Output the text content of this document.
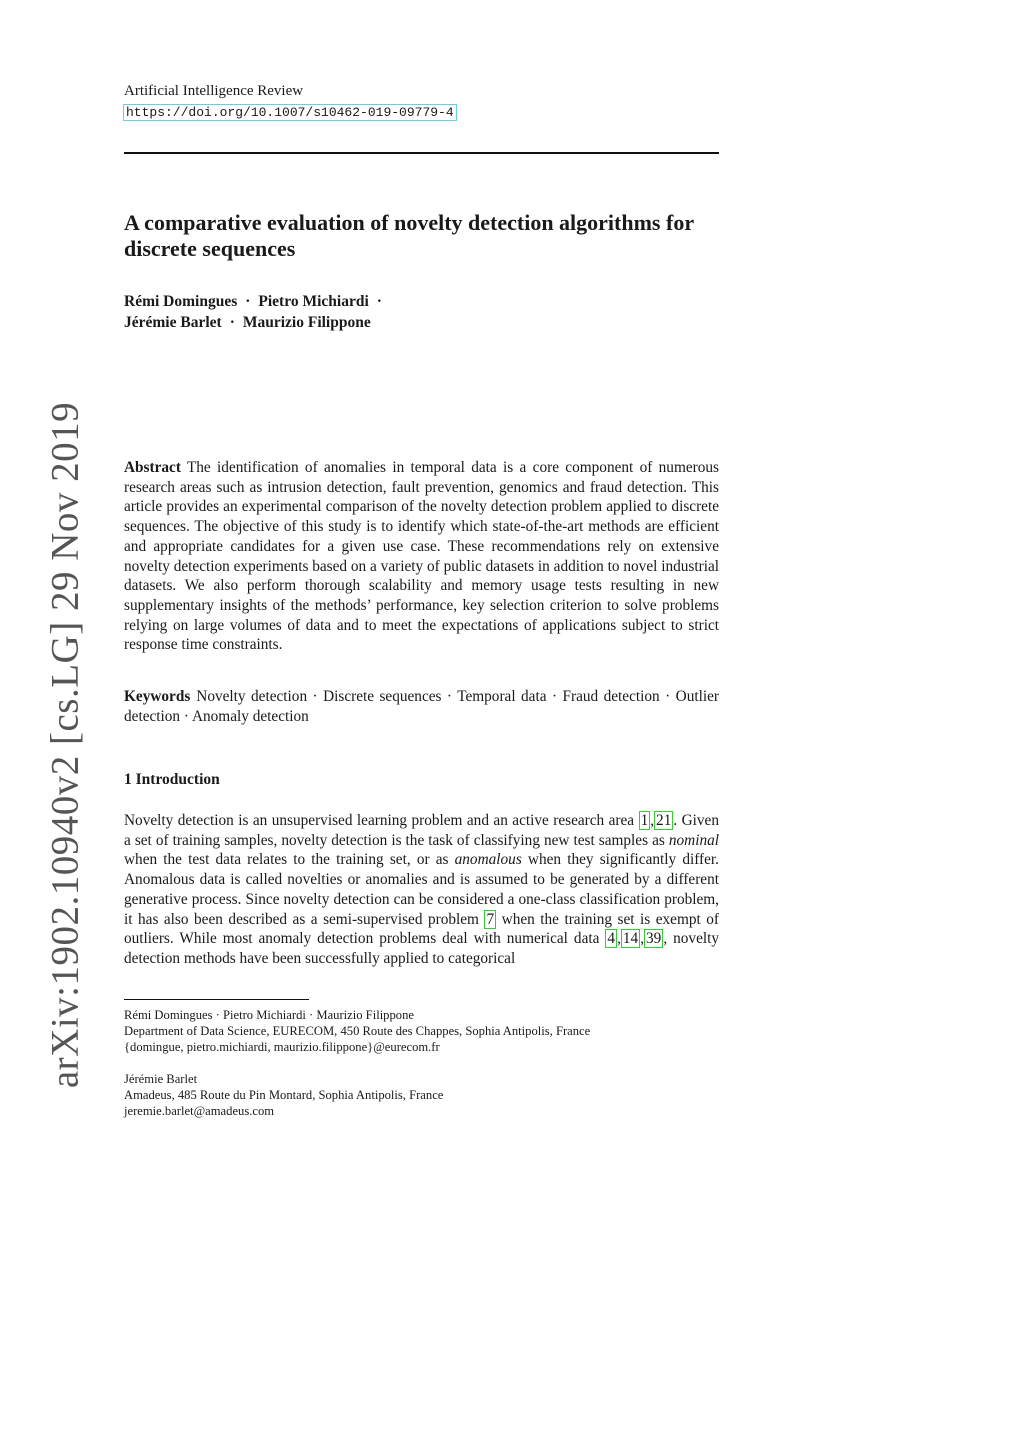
arXiv:1902.10940v2 [cs.LG] 29 Nov 2019
Artificial Intelligence Review
https://doi.org/10.1007/s10462-019-09779-4
A comparative evaluation of novelty detection algorithms for discrete sequences
Rémi Domingues · Pietro Michiardi ·
Jérémie Barlet · Maurizio Filippone
Abstract The identification of anomalies in temporal data is a core component of numerous research areas such as intrusion detection, fault prevention, genomics and fraud detection. This article provides an experimental comparison of the novelty detection problem applied to discrete sequences. The objective of this study is to identify which state-of-the-art methods are efficient and appropriate candidates for a given use case. These recommendations rely on extensive novelty detection experiments based on a variety of public datasets in addition to novel industrial datasets. We also perform thorough scalability and memory usage tests resulting in new supplementary insights of the methods’ performance, key selection criterion to solve problems relying on large volumes of data and to meet the expectations of applications subject to strict response time constraints.
Keywords Novelty detection · Discrete sequences · Temporal data · Fraud detection · Outlier detection · Anomaly detection
1 Introduction
Novelty detection is an unsupervised learning problem and an active research area 1 , 21 . Given a set of training samples, novelty detection is the task of classifying new test samples as nominal when the test data relates to the training set, or as anomalous when they significantly differ. Anomalous data is called novelties or anomalies and is assumed to be generated by a different generative process. Since novelty detection can be considered a one-class classification problem, it has also been described as a semi-supervised problem 7 when the training set is exempt of outliers. While most anomaly detection problems deal with numerical data 4 , 14 , 39 , novelty detection methods have been successfully applied to categorical
Rémi Domingues · Pietro Michiardi · Maurizio Filippone
Department of Data Science, EURECOM, 450 Route des Chappes, Sophia Antipolis, France
{domingue, pietro.michiardi, maurizio.filippone}@eurecom.fr
Jérémie Barlet
Amadeus, 485 Route du Pin Montard, Sophia Antipolis, France
jeremie.barlet@amadeus.com
